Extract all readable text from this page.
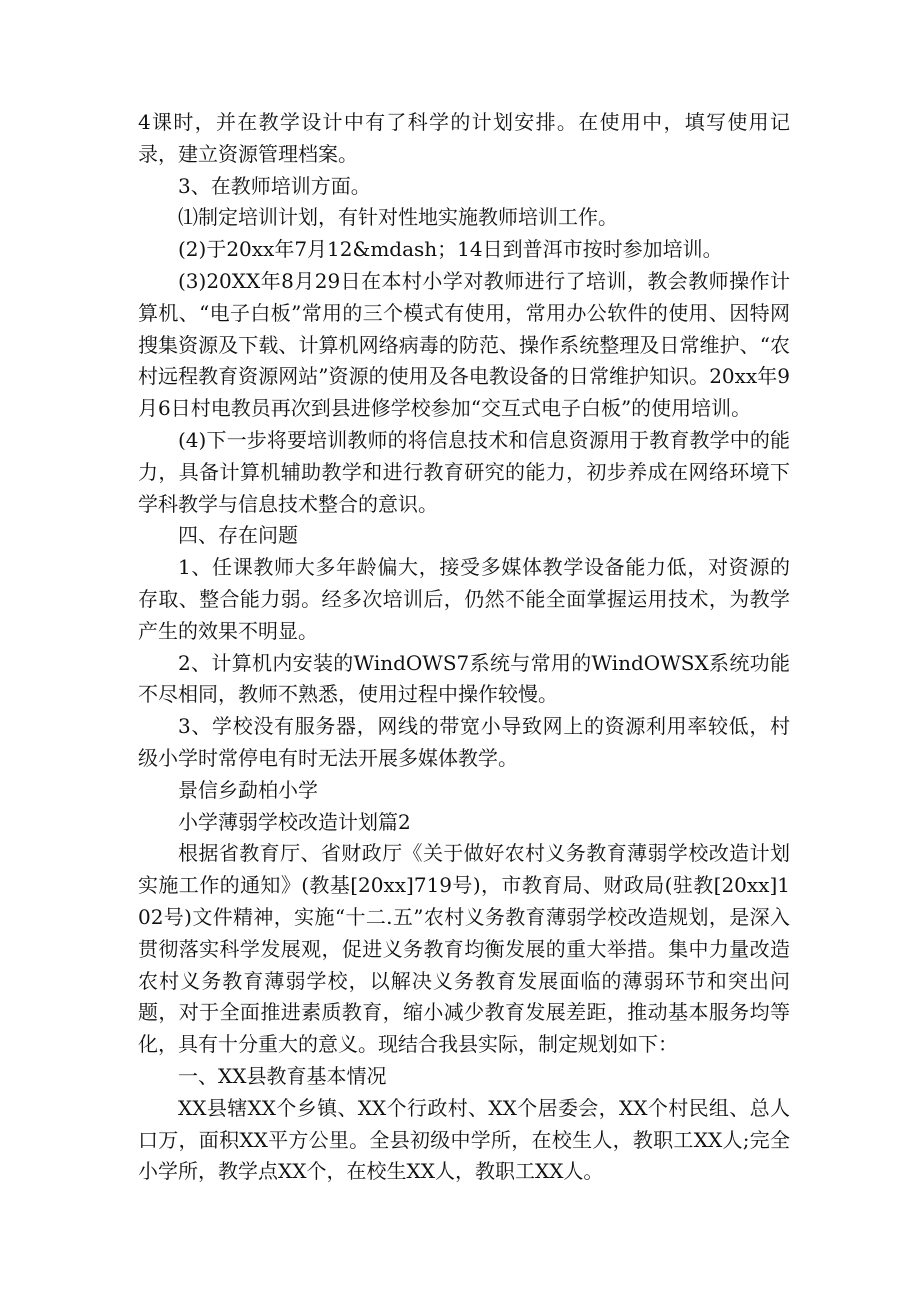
4课时，并在教学设计中有了科学的计划安排。在使用中，填写使用记录，建立资源管理档案。

3、在教师培训方面。

⑴制定培训计划，有针对性地实施教师培训工作。

(2)于20xx年7月12&mdash；14日到普洱市按时参加培训。

(3)20XX年8月29日在本村小学对教师进行了培训，教会教师操作计算机、“电子白板”常用的三个模式有使用，常用办公软件的使用、因特网搜集资源及下载、计算机网络病毒的防范、操作系统整理及日常维护、“农村远程教育资源网站”资源的使用及各电教设备的日常维护知识。20xx年9月6日村电教员再次到县进修学校参加“交互式电子白板”的使用培训。

(4)下一步将要培训教师的将信息技术和信息资源用于教育教学中的能力，具备计算机辅助教学和进行教育研究的能力，初步养成在网络环境下学科教学与信息技术整合的意识。

四、存在问题

1、任课教师大多年龄偏大，接受多媒体教学设备能力低，对资源的存取、整合能力弱。经多次培训后，仍然不能全面掌握运用技术，为教学产生的效果不明显。

2、计算机内安装的WindOWS7系统与常用的WindOWSX系统功能不尽相同，教师不熟悉，使用过程中操作较慢。

3、学校没有服务器，网线的带宽小导致网上的资源利用率较低，村级小学时常停电有时无法开展多媒体教学。

景信乡勐柏小学

小学薄弱学校改造计划篇2

根据省教育厅、省财政厅《关于做好农村义务教育薄弱学校改造计划实施工作的通知》(教基[20xx]719号)，市教育局、财政局(驻教[20xx]102号)文件精神，实施“十二.五”农村义务教育薄弱学校改造规划，是深入贯彻落实科学发展观，促进义务教育均衡发展的重大举措。集中力量改造农村义务教育薄弱学校，以解决义务教育发展面临的薄弱环节和突出问题，对于全面推进素质教育，缩小减少教育发展差距，推动基本服务均等化，具有十分重大的意义。现结合我县实际，制定规划如下：

一、XX县教育基本情况

XX县辖XX个乡镇、XX个行政村、XX个居委会，XX个村民组、总人口万，面积XX平方公里。全县初级中学所，在校生人，教职工XX人;完全小学所，教学点XX个，在校生XX人，教职工XX人。
